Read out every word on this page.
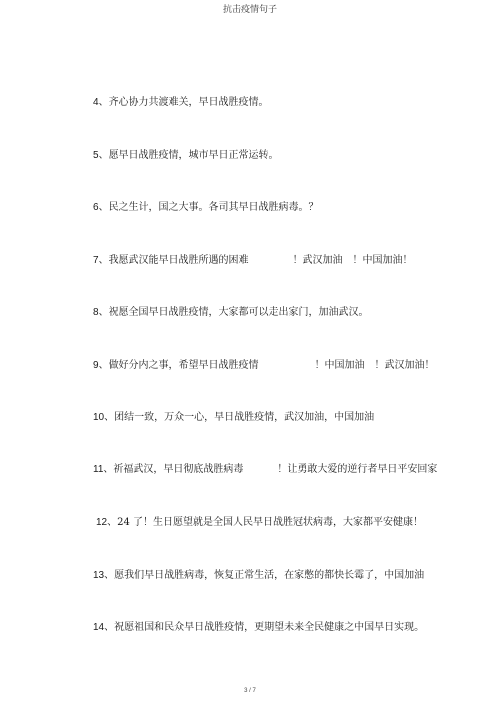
抗击疫情句子
4、齐心协力共渡难关，早日战胜疫情。
5、愿早日战胜疫情，城市早日正常运转。
6、民之生计，国之大事。各司其早日战胜病毒。？
7、我愿武汉能早日战胜所遇的困难	！武汉加油　！中国加油！
8、祝愿全国早日战胜疫情，大家都可以走出家门，加油武汉。
9、做好分内之事，希望早日战胜疫情	！中国加油　！武汉加油！
10、团结一致，万众一心，早日战胜疫情，武汉加油，中国加油
11、祈福武汉，早日彻底战胜病毒	！让勇敢大爱的逆行者早日平安回家
12、24 了！生日愿望就是全国人民早日战胜冠状病毒，大家都平安健康！
13、愿我们早日战胜病毒，恢复正常生活，在家憋的都快长霉了，中国加油
14、祝愿祖国和民众早日战胜疫情，更期望未来全民健康之中国早日实现。
3 / 7
